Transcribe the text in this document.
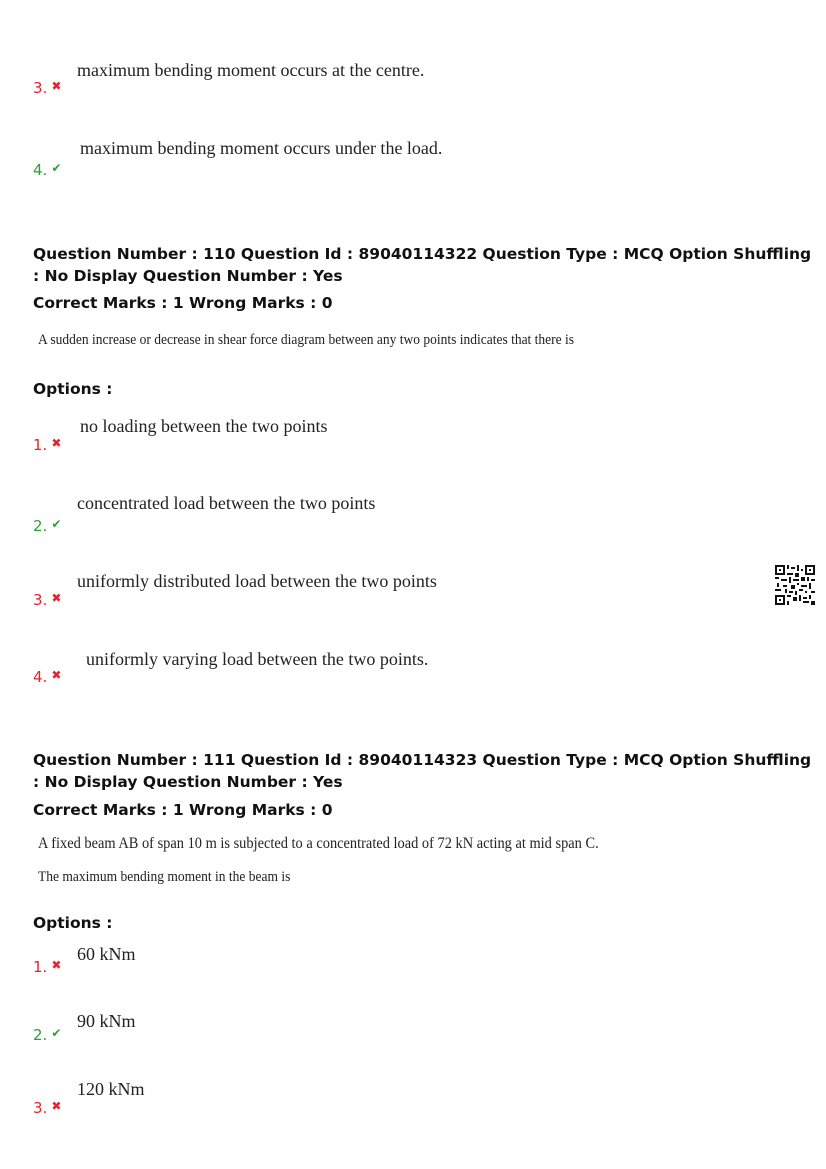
maximum bending moment occurs at the centre.
3. ✖
maximum bending moment occurs under the load.
4. ✔
Question Number : 110 Question Id : 89040114322 Question Type : MCQ Option Shuffling : No Display Question Number : Yes
Correct Marks : 1 Wrong Marks : 0
A sudden increase or decrease in shear force diagram between any two points indicates that there is
Options :
no loading between the two points
1. ✖
concentrated load between the two points
2. ✔
uniformly distributed load between the two points
3. ✖
uniformly varying load between the two points.
4. ✖
Question Number : 111 Question Id : 89040114323 Question Type : MCQ Option Shuffling : No Display Question Number : Yes
Correct Marks : 1 Wrong Marks : 0
A fixed beam AB of span 10 m is subjected to a concentrated load of 72 kN acting at mid span C.
The maximum bending moment in the beam is
Options :
60 kNm
1. ✖
90 kNm
2. ✔
120 kNm
3. ✖
